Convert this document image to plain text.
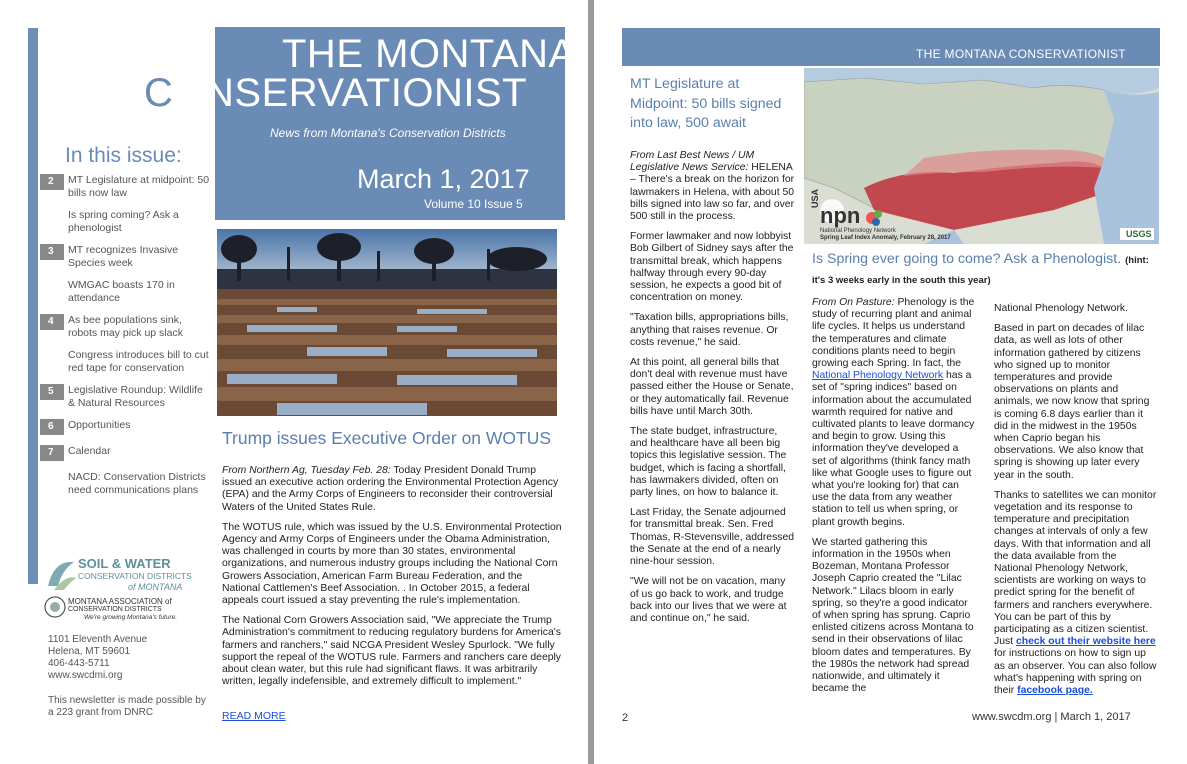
THE MONTANA
CONSERVATIONIST
News from Montana's Conservation Districts
March 1, 2017
Volume 10 Issue 5
In this issue:
2	MT Legislature at midpoint: 50 bills now law
Is spring coming? Ask a phenologist
3	MT recognizes Invasive Species week
WMGAC boasts 170 in attendance
4	As bee populations sink, robots may pick up slack
Congress introduces bill to cut red tape for conservation
5	Legislative Roundup: Wildlife & Natural Resources
6	Opportunities
7	Calendar
NACD: Conservation Districts need communications plans
SOIL & WATER
CONSERVATION DISTRICTS
of MONTANA
MONTANA ASSOCIATION of
CONSERVATION DISTRICTS
We're growing Montana's future.
1101 Eleventh Avenue
Helena, MT 59601
406-443-5711
www.swcdmi.org
This newsletter is made possible by a 223 grant from DNRC
Trump issues Executive Order on WOTUS

From Northern Ag, Tuesday Feb. 28: Today President Donald Trump issued an executive action ordering the Environmental Protection Agency (EPA) and the Army Corps of Engineers to reconsider their controversial Waters of the United States Rule.

The WOTUS rule, which was issued by the U.S. Environmental Protection Agency and Army Corps of Engineers under the Obama Administration, was challenged in courts by more than 30 states, environmental organizations, and numerous industry groups including the National Corn Growers Association, American Farm Bureau Federation, and the National Cattlemen's Beef Association. . In October 2015, a federal appeals court issued a stay preventing the rule's implementation.

The National Corn Growers Association said, "We appreciate the Trump Administration's commitment to reducing regulatory burdens for America's farmers and ranchers," said NCGA President Wesley Spurlock. "We fully support the repeal of the WOTUS rule. Farmers and ranchers care deeply about clean water, but this rule had significant flaws. It was arbitrarily written, legally indefensible, and extremely difficult to implement."

READ MORE
THE MONTANA CONSERVATIONIST
MT Legislature at Midpoint: 50 bills signed into law, 500 await

From Last Best News / UM Legislative News Service: HELENA – There's a break on the horizon for lawmakers in Helena, with about 50 bills signed into law so far, and over 500 still in the process.

Former lawmaker and now lobbyist Bob Gilbert of Sidney says after the transmittal break, which happens halfway through every 90-day session, he expects a good bit of concentration on money.

"Taxation bills, appropriations bills, anything that raises revenue. Or costs revenue," he said.

At this point, all general bills that don't deal with revenue must have passed either the House or Senate, or they automatically fail. Revenue bills have until March 30th.

The state budget, infrastructure, and healthcare have all been big topics this legislative session. The budget, which is facing a shortfall, has lawmakers divided, often on party lines, on how to balance it.

Last Friday, the Senate adjourned for transmittal break. Sen. Fred Thomas, R-Stevensville, addressed the Senate at the end of a nearly nine-hour session.

"We will not be on vacation, many of us go back to work, and trudge back into our lives that we were at and continue on," he said.

USA
npn
National Phenology Network
Spring Leaf Index Anomaly, February 28, 2017	USGS
Is Spring ever going to come? Ask a Phenologist. (hint: it's 3 weeks early in the south this year)

From On Pasture: Phenology is the study of recurring plant and animal life cycles. It helps us understand the temperatures and climate conditions plants need to begin growing each Spring. In fact, the National Phenology Network has a set of "spring indices" based on information about the accumulated warmth required for native and cultivated plants to leave dormancy and begin to grow. Using this information they've developed a set of algorithms (think fancy math like what Google uses to figure out what you're looking for) that can use the data from any weather station to tell us when spring, or plant growth begins.

We started gathering this information in the 1950s when Bozeman, Montana Professor Joseph Caprio created the "Lilac Network." Lilacs bloom in early spring, so they're a good indicator of when spring has sprung. Caprio enlisted citizens across Montana to send in their observations of lilac bloom dates and temperatures. By the 1980s the network had spread nationwide, and ultimately it became the

National Phenology Network.

Based in part on decades of lilac data, as well as lots of other information gathered by citizens who signed up to monitor temperatures and provide observations on plants and animals, we now know that spring is coming 6.8 days earlier than it did in the midwest in the 1950s when Caprio began his observations. We also know that spring is showing up later every year in the south.

Thanks to satellites we can monitor vegetation and its response to temperature and precipitation changes at intervals of only a few days. With that information and all the data available from the National Phenology Network, scientists are working on ways to predict spring for the benefit of farmers and ranchers everywhere. You can be part of this by participating as a citizen scientist. Just check out their website here for instructions on how to sign up as an observer. You can also follow what's happening with spring on their facebook page.

2	www.swcdm.org | March 1, 2017
